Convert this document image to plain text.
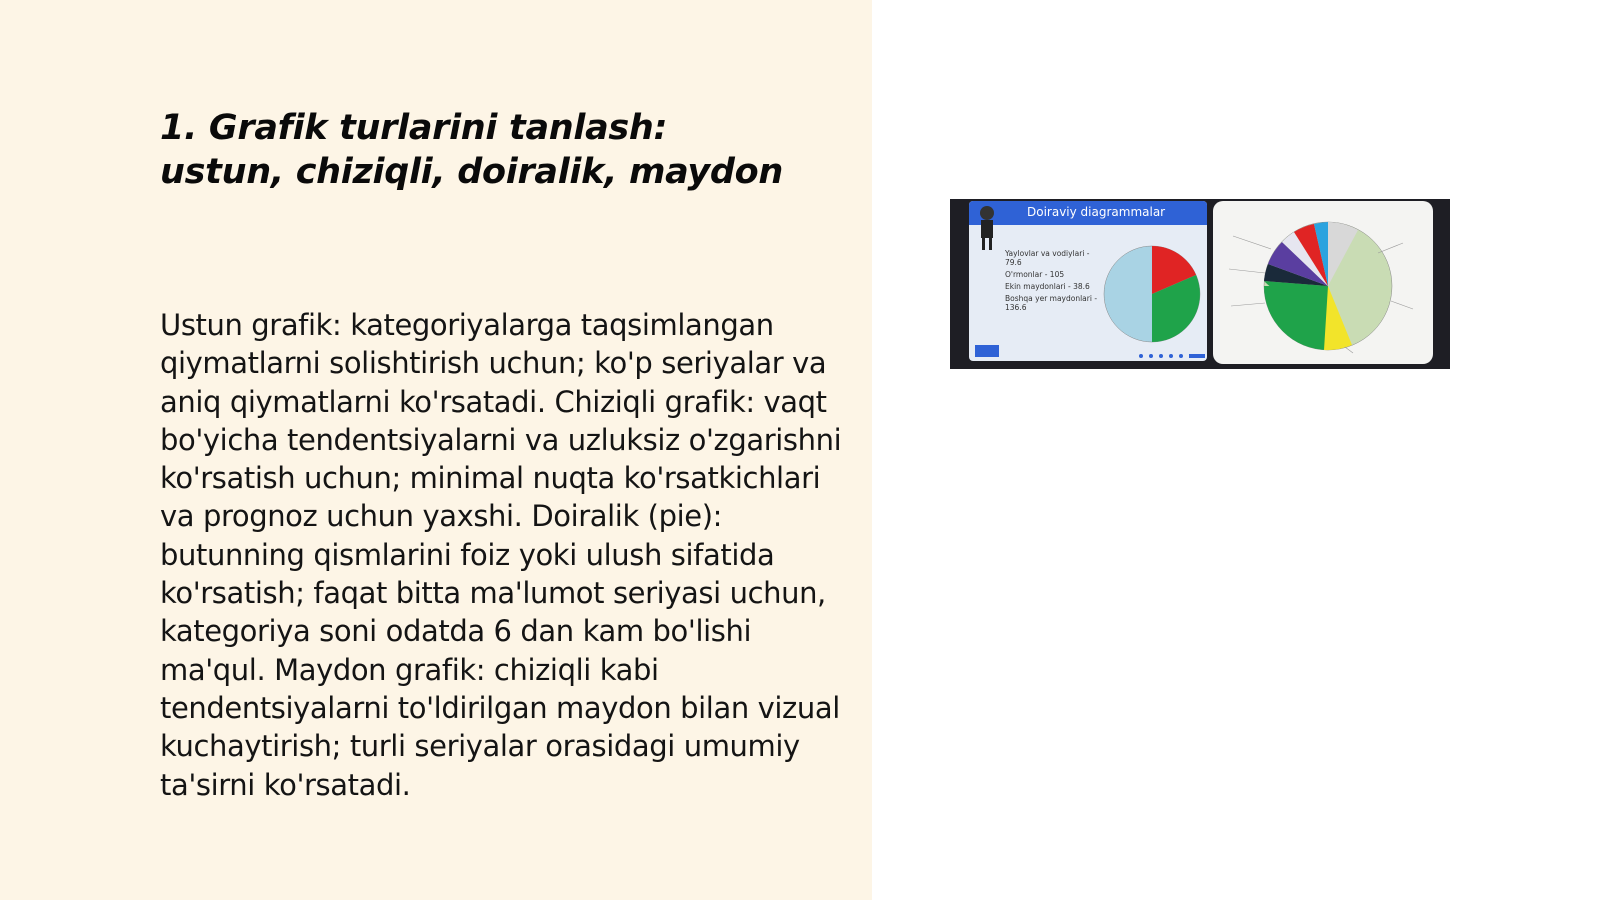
1. Grafik turlarini tanlash: ustun, chiziqli, doiralik, maydon

Ustun grafik: kategoriyalarga taqsimlangan qiymatlarni solishtirish uchun; ko'p seriyalar va aniq qiymatlarni ko'rsatadi. Chiziqli grafik: vaqt bo'yicha tendentsiyalarni va uzluksiz o'zgarishni ko'rsatish uchun; minimal nuqta ko'rsatkichlari va prognoz uchun yaxshi. Doiralik (pie): butunning qismlarini foiz yoki ulush sifatida ko'rsatish; faqat bitta ma'lumot seriyasi uchun, kategoriya soni odatda 6 dan kam bo'lishi ma'qul. Maydon grafik: chiziqli kabi tendentsiyalarni to'ldirilgan maydon bilan vizual kuchaytirish; turli seriyalar orasidagi umumiy ta'sirni ko'rsatadi.

Doiraviy diagrammalar
Yaylovlar va vodiylari - 79.6
O'rmonlar - 105
Ekin maydonlari - 38.6
Boshqa yer maydonlari - 136.6
